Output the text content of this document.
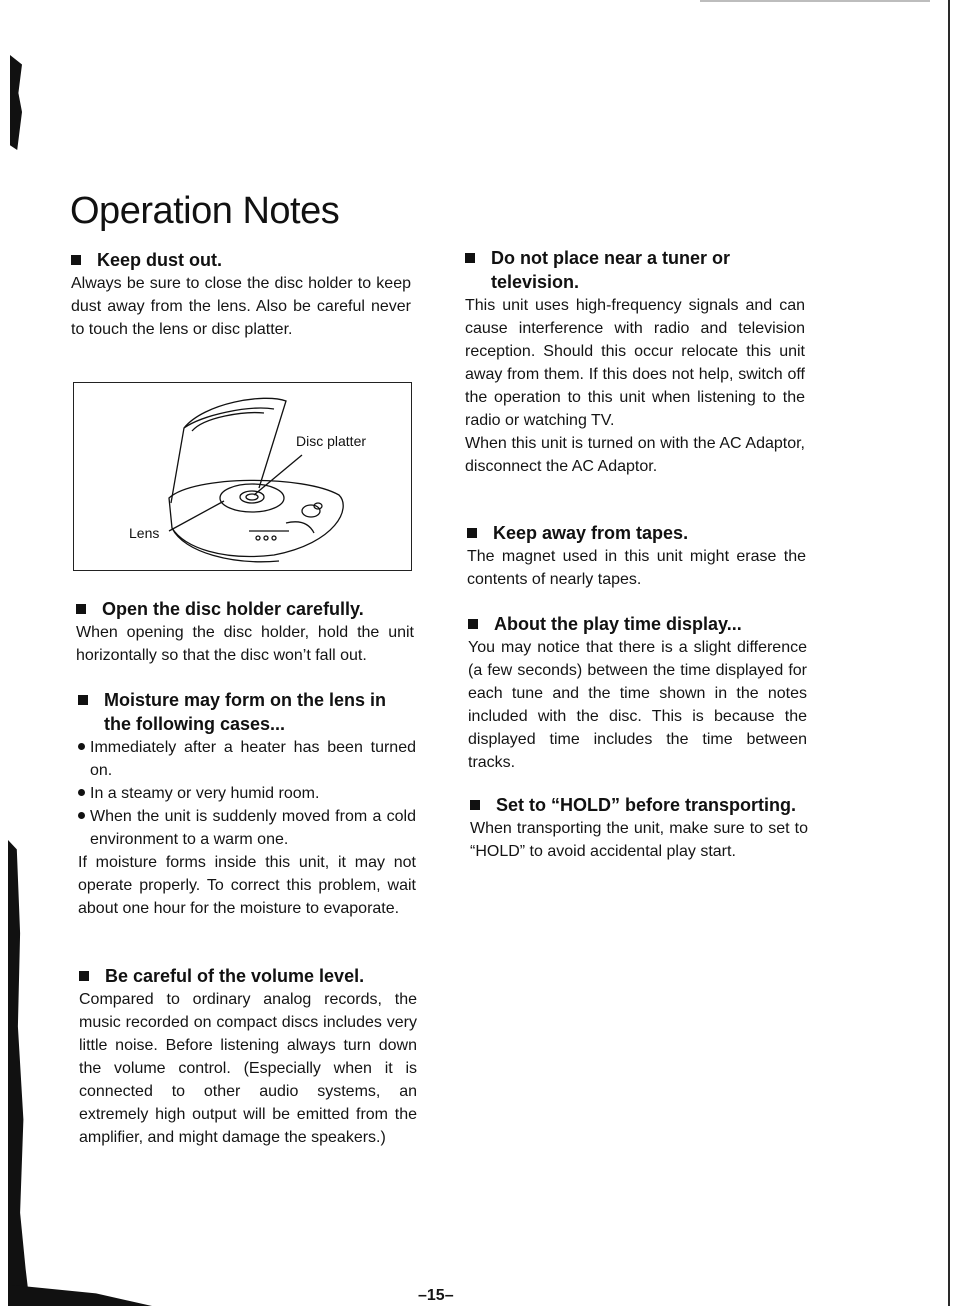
Operation Notes
Keep dust out.

Always be sure to close the disc holder to keep dust away from the lens. Also be careful never to touch the lens or disc platter.

Disc platter
Lens
Open the disc holder carefully.

When opening the disc holder, hold the unit horizontally so that the disc won’t fall out.

Moisture may form on the lens in the following cases...
Immediately after a heater has been turned on.
In a steamy or very humid room.
When the unit is suddenly moved from a cold environment to a warm one.

If moisture forms inside this unit, it may not operate properly. To correct this problem, wait about one hour for the moisture to evaporate.

Be careful of the volume level.

Compared to ordinary analog records, the music recorded on compact discs includes very little noise. Before listening always turn down the volume control. (Especially when it is connected to other audio systems, an extremely high output will be emitted from the amplifier, and might damage the speakers.)

Do not place near a tuner or television.

This unit uses high-frequency signals and can cause interference with radio and television reception. Should this occur relocate this unit away from them. If this does not help, switch off the operation to this unit when listening to the radio or watching TV.

When this unit is turned on with the AC Adaptor, disconnect the AC Adaptor.

Keep away from tapes.

The magnet used in this unit might erase the contents of nearly tapes.

About the play time display...

You may notice that there is a slight difference (a few seconds) between the time displayed for each tune and the time shown in the notes included with the disc. This is because the displayed time includes the time between tracks.

Set to “HOLD” before transporting.

When transporting the unit, make sure to set to “HOLD” to avoid accidental play start.

–15–
